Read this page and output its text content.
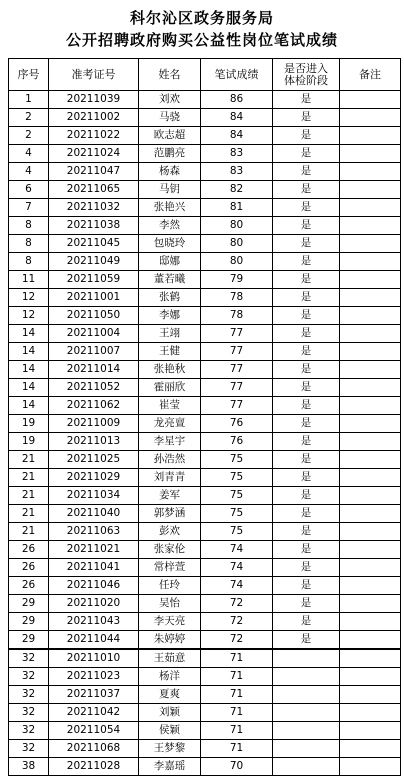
科尔沁区政务服务局
公开招聘政府购买公益性岗位笔试成绩
序号	准考证号	姓名	笔试成绩	是否进入
体检阶段	备注
1	20211039	刘欢	86	是	
2	20211002	马骁	84	是	
2	20211022	欧志超	84	是	
4	20211024	范鹏亮	83	是	
4	20211047	杨森	83	是	
6	20211065	马钥	82	是	
7	20211032	张艳兴	81	是	
8	20211038	李然	80	是	
8	20211045	包晓玲	80	是	
8	20211049	邸娜	80	是	
11	20211059	董若曦	79	是	
12	20211001	张鹤	78	是	
12	20211050	李娜	78	是	
14	20211004	王翊	77	是	
14	20211007	王健	77	是	
14	20211014	张艳秋	77	是	
14	20211052	霍丽欣	77	是	
14	20211062	崔莹	77	是	
19	20211009	龙亮亶	76	是	
19	20211013	李星宇	76	是	
21	20211025	孙浩然	75	是	
21	20211029	刘青青	75	是	
21	20211034	姜军	75	是	
21	20211040	郭梦涵	75	是	
21	20211063	彭欢	75	是	
26	20211021	张家伦	74	是	
26	20211041	常梓萱	74	是	
26	20211046	任玲	74	是	
29	20211020	吴怡	72	是	
29	20211043	李天亮	72	是	
29	20211044	朱婷婷	72	是	
32	20211010	王茹意	71		
32	20211023	杨洋	71		
32	20211037	夏爽	71		
32	20211042	刘颖	71		
32	20211054	侯颖	71		
32	20211068	王梦黎	71		
38	20211028	李嘉瑶	70		
